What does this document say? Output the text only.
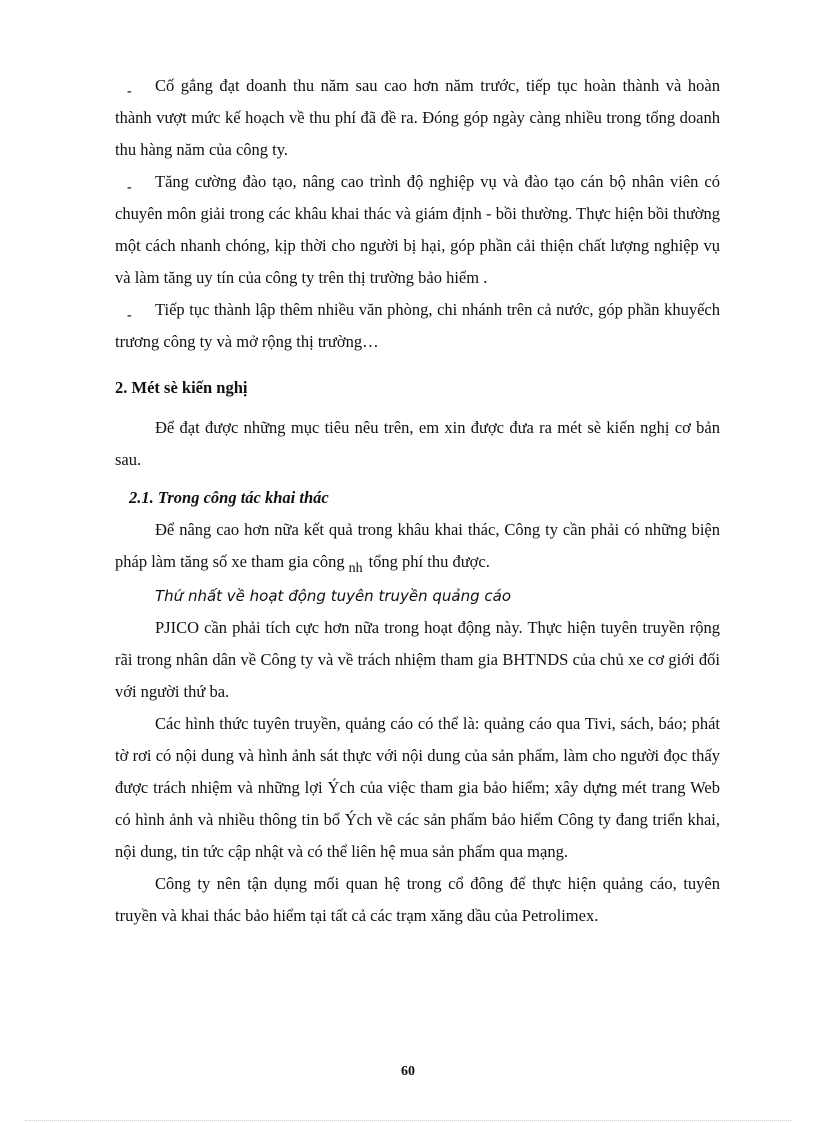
- Cố gắng đạt doanh thu năm sau cao hơn năm trước, tiếp tục hoàn thành và hoàn thành vượt mức kế hoạch về thu phí đã đề ra. Đóng góp ngày càng nhiều trong tổng doanh thu hàng năm của công ty.

- Tăng cường đào tạo, nâng cao trình độ nghiệp vụ và đào tạo cán bộ nhân viên có chuyên môn giải trong các khâu khai thác và giám định - bồi thường. Thực hiện bồi thường một cách nhanh chóng, kịp thời cho người bị hại, góp phần cải thiện chất lượng nghiệp vụ và làm tăng uy tín của công ty trên thị trường bảo hiểm .

- Tiếp tục thành lập thêm nhiều văn phòng, chi nhánh trên cả nước, góp phần khuyếch trương công ty và mở rộng thị trường…

2. Mét sè kiến nghị

Để đạt được những mục tiêu nêu trên, em xin được đưa ra mét sè kiến nghị cơ bản sau.

2.1. Trong công tác khai thác

Để nâng cao hơn nữa kết quả trong khâu khai thác, Công ty cần phải có những biện pháp làm tăng số xe tham gia công $_{nh}$ tổng phí thu được.

Thứ nhất về hoạt động tuyên truyền quảng cáo

PJICO cần phải tích cực hơn nữa trong hoạt động này. Thực hiện tuyên truyền rộng rãi trong nhân dân về Công ty và về trách nhiệm tham gia BHTNDS của chủ xe cơ giới đối với người thứ ba.

Các hình thức tuyên truyền, quảng cáo có thể là: quảng cáo qua Tivi, sách, báo; phát tờ rơi có nội dung và hình ảnh sát thực với nội dung của sản phẩm, làm cho người đọc thấy được trách nhiệm và những lợi Ých của việc tham gia bảo hiểm; xây dựng mét trang Web có hình ảnh và nhiều thông tin bổ Ých về các sản phẩm bảo hiểm Công ty đang triển khai, nội dung, tin tức cập nhật và có thể liên hệ mua sản phẩm qua mạng.

Công ty nên tận dụng mối quan hệ trong cổ đông để thực hiện quảng cáo, tuyên truyền và khai thác bảo hiểm tại tất cả các trạm xăng dầu của Petrolimex.

60
